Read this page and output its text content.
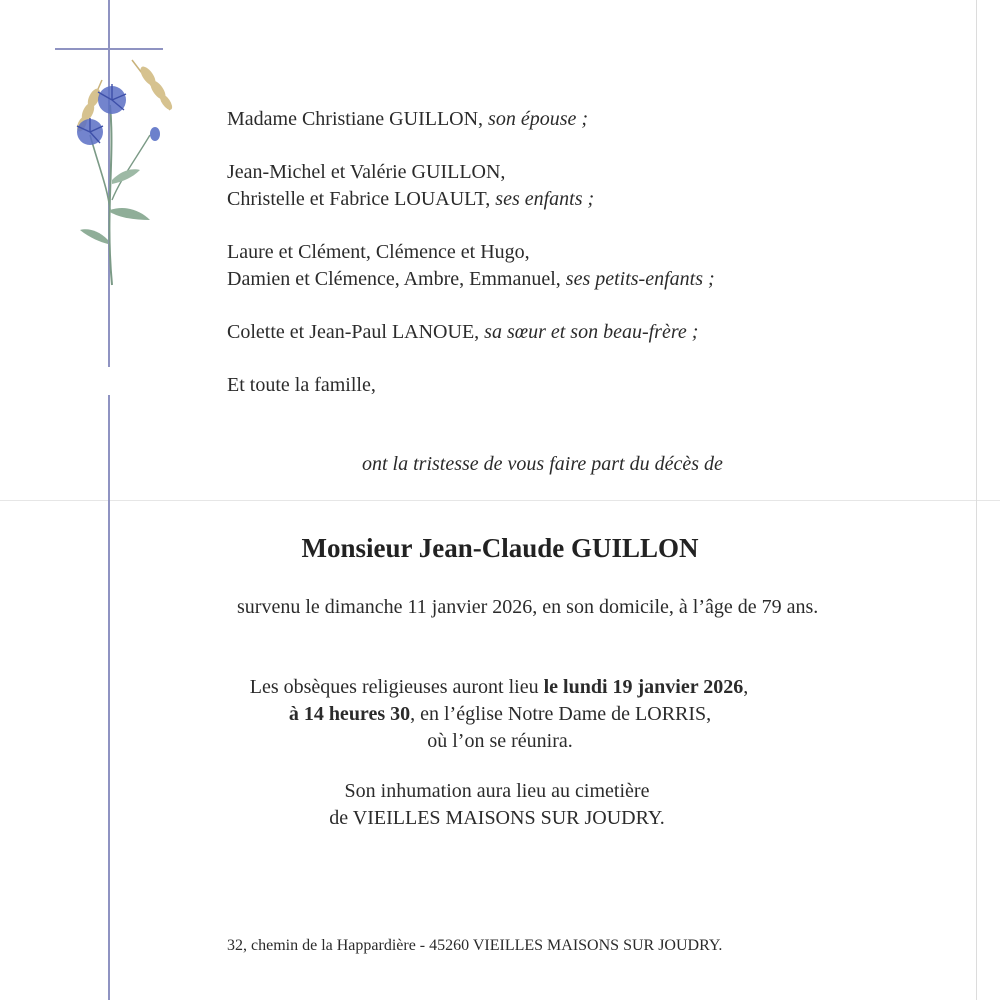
Madame Christiane GUILLON, son épouse ;
Jean-Michel et Valérie GUILLON,
Christelle et Fabrice LOUAULT, ses enfants ;
Laure et Clément, Clémence et Hugo,
Damien et Clémence, Ambre, Emmanuel, ses petits-enfants ;
Colette et Jean-Paul LANOUE, sa sœur et son beau-frère ;
Et toute la famille,
ont la tristesse de vous faire part du décès de
Monsieur Jean-Claude GUILLON
survenu le dimanche 11 janvier 2026, en son domicile, à l’âge de 79 ans.
Les obsèques religieuses auront lieu le lundi 19 janvier 2026,
à 14 heures 30, en l’église Notre Dame de LORRIS,
où l’on se réunira.
Son inhumation aura lieu au cimetière
de VIEILLES MAISONS SUR JOUDRY.
32, chemin de la Happardière - 45260 VIEILLES MAISONS SUR JOUDRY.
